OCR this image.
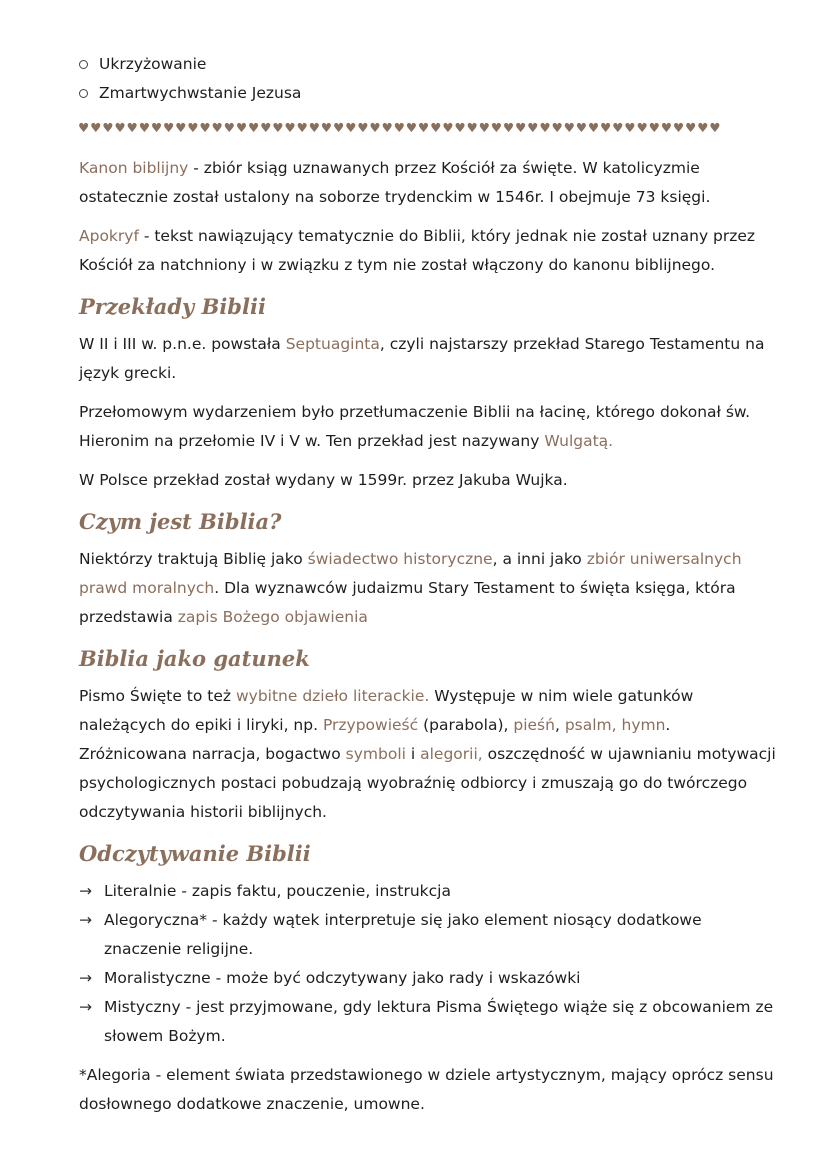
Ukrzyżowanie
Zmartwychwstanie Jezusa
♥♥♥♥♥♥♥♥♥♥♥♥♥♥♥♥♥♥♥♥♥♥♥♥♥♥♥♥♥♥♥♥♥♥♥♥♥♥♥♥♥♥♥♥♥♥♥♥♥♥♥♥♥

Kanon biblijny - zbiór ksiąg uznawanych przez Kościół za święte. W katolicyzmie ostatecznie został ustalony na soborze trydenckim w 1546r. I obejmuje 73 księgi.

Apokryf - tekst nawiązujący tematycznie do Biblii, który jednak nie został uznany przez Kościół za natchniony i w związku z tym nie został włączony do kanonu biblijnego.

Przekłady Biblii

W II i III w. p.n.e. powstała Septuaginta, czyli najstarszy przekład Starego Testamentu na język grecki.

Przełomowym wydarzeniem było przetłumaczenie Biblii na łacinę, którego dokonał św. Hieronim na przełomie IV i V w. Ten przekład jest nazywany Wulgatą.

W Polsce przekład został wydany w 1599r. przez Jakuba Wujka.

Czym jest Biblia?

Niektórzy traktują Biblię jako świadectwo historyczne, a inni jako zbiór uniwersalnych prawd moralnych. Dla wyznawców judaizmu Stary Testament to święta księga, która przedstawia zapis Bożego objawienia

Biblia jako gatunek

Pismo Święte to też wybitne dzieło literackie. Występuje w nim wiele gatunków należących do epiki i liryki, np. Przypowieść (parabola), pieśń, psalm, hymn. Zróżnicowana narracja, bogactwo symboli i alegorii, oszczędność w ujawnianiu motywacji psychologicznych postaci pobudzają wyobraźnię odbiorcy i zmuszają go do twórczego odczytywania historii biblijnych.

Odczytywanie Biblii
→ Literalnie - zapis faktu, pouczenie, instrukcja
→ Alegoryczna* - każdy wątek interpretuje się jako element niosący dodatkowe znaczenie religijne.
→ Moralistyczne - może być odczytywany jako rady i wskazówki
→ Mistyczny - jest przyjmowane, gdy lektura Pisma Świętego wiąże się z obcowaniem ze słowem Bożym.

*Alegoria - element świata przedstawionego w dziele artystycznym, mający oprócz sensu dosłownego dodatkowe znaczenie, umowne.
